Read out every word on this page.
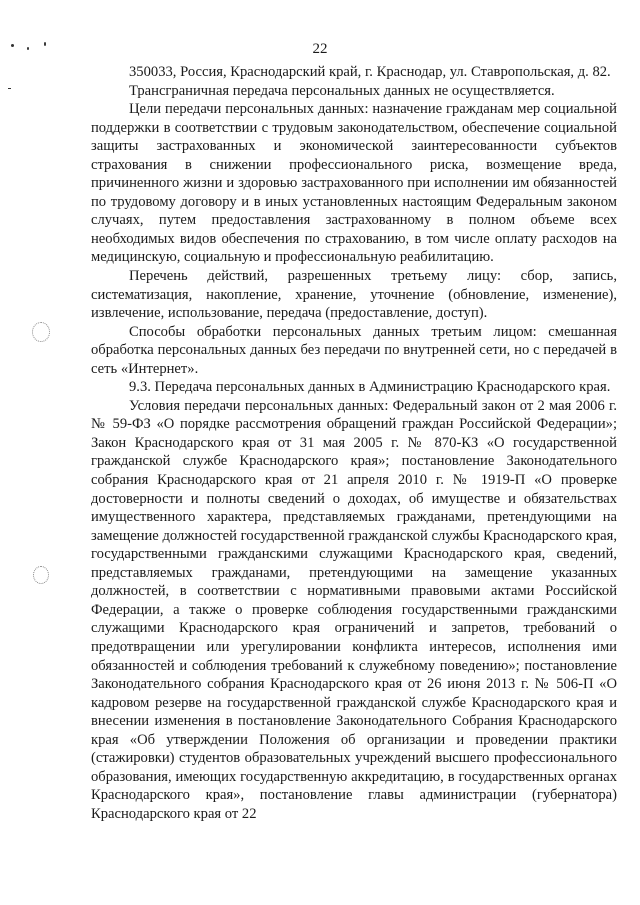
22

350033, Россия, Краснодарский край, г. Краснодар, ул. Ставропольская, д. 82.

Трансграничная передача персональных данных не осуществляется.

Цели передачи персональных данных: назначение гражданам мер социальной поддержки в соответствии с трудовым законодательством, обеспечение социальной защиты застрахованных и экономической заинтересованности субъектов страхования в снижении профессионального риска, возмещение вреда, причиненного жизни и здоровью застрахованного при исполнении им обязанностей по трудовому договору и в иных установленных настоящим Федеральным законом случаях, путем предоставления застрахованному в полном объеме всех необходимых видов обеспечения по страхованию, в том числе оплату расходов на медицинскую, социальную и профессиональную реабилитацию.

Перечень действий, разрешенных третьему лицу: сбор, запись, систематизация, накопление, хранение, уточнение (обновление, изменение), извлечение, использование, передача (предоставление, доступ).

Способы обработки персональных данных третьим лицом: смешанная обработка персональных данных без передачи по внутренней сети, но с передачей в сеть «Интернет».

9.3. Передача персональных данных в Администрацию Краснодарского края.

Условия передачи персональных данных: Федеральный закон от 2 мая 2006 г. № 59-ФЗ «О порядке рассмотрения обращений граждан Российской Федерации»; Закон Краснодарского края от 31 мая 2005 г. № 870-КЗ «О государственной гражданской службе Краснодарского края»; постановление Законодательного собрания Краснодарского края от 21 апреля 2010 г. № 1919-П «О проверке достоверности и полноты сведений о доходах, об имуществе и обязательствах имущественного характера, представляемых гражданами, претендующими на замещение должностей государственной гражданской службы Краснодарского края, государственными гражданскими служащими Краснодарского края, сведений, представляемых гражданами, претендующими на замещение указанных должностей, в соответствии с нормативными правовыми актами Российской Федерации, а также о проверке соблюдения государственными гражданскими служащими Краснодарского края ограничений и запретов, требований о предотвращении или урегулировании конфликта интересов, исполнения ими обязанностей и соблюдения требований к служебному поведению»; постановление Законодательного собрания Краснодарского края от 26 июня 2013 г. № 506-П «О кадровом резерве на государственной гражданской службе Краснодарского края и внесении изменения в постановление Законодательного Собрания Краснодарского края «Об утверждении Положения об организации и проведении практики (стажировки) студентов образовательных учреждений высшего профессионального образования, имеющих государственную аккредитацию, в государственных органах Краснодарского края», постановление главы администрации (губернатора) Краснодарского края от 22
